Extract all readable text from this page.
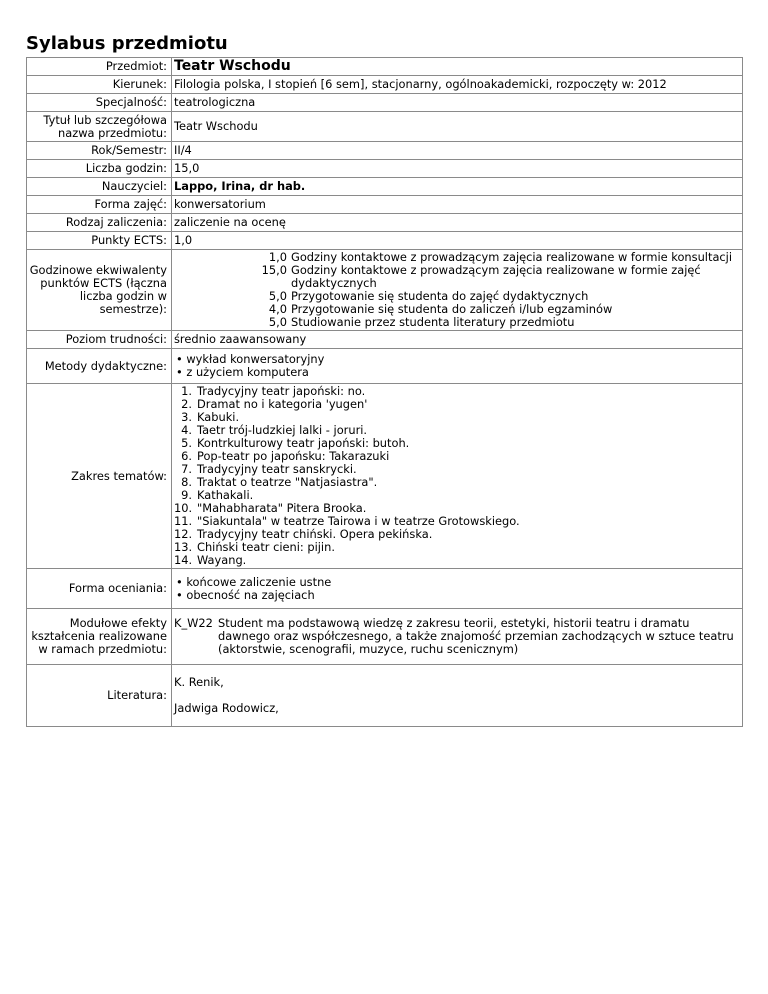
Sylabus przedmiotu
Przedmiot:	Teatr Wschodu
Kierunek:	Filologia polska, I stopień [6 sem], stacjonarny, ogólnoakademicki, rozpoczęty w: 2012
Specjalność:	teatrologiczna
Tytuł lub szczegółowa nazwa przedmiotu:	Teatr Wschodu
Rok/Semestr:	II/4
Liczba godzin:	15,0
Nauczyciel:	Lappo, Irina, dr hab.
Forma zajęć:	konwersatorium
Rodzaj zaliczenia:	zaliczenie na ocenę
Punkty ECTS:	1,0
Godzinowe ekwiwalenty punktów ECTS (łączna liczba godzin w semestrze):	
1,0	Godziny kontaktowe z prowadzącym zajęcia realizowane w formie konsultacji
15,0	Godziny kontaktowe z prowadzącym zajęcia realizowane w formie zajęć dydaktycznych
5,0	Przygotowanie się studenta do zajęć dydaktycznych
4,0	Przygotowanie się studenta do zaliczeń i/lub egzaminów
5,0	Studiowanie przez studenta literatury przedmiotu

Poziom trudności:	średnio zaawansowany
Metody dydaktyczne:	
•wykład konwersatoryjny
• z użyciem komputera

Zakres tematów:	
1. Tradycyjny teatr japoński: no.
2. Dramat no i kategoria 'yugen'
3. Kabuki.
4. Taetr trój-ludzkiej lalki - joruri.
5. Kontrkulturowy teatr japoński: butoh.
6. Pop-teatr po japońsku: Takarazuki
7. Tradycyjny teatr sanskrycki.
8. Traktat o teatrze "Natjasiastra".
9. Kathakali.
10. "Mahabharata" Pitera Brooka.
11. "Siakuntala" w teatrze Tairowa i w teatrze Grotowskiego.
12. Tradycyjny teatr chiński. Opera pekińska.
13. Chiński teatr cieni: pijin.
14. Wayang.

Forma oceniania:	
•końcowe zaliczenie ustne
• obecność na zajęciach

Modułowe efekty kształcenia realizowane w ramach przedmiotu:	
K_W22	Student ma podstawową wiedzę z zakresu teorii, estetyki, historii teatru i dramatu dawnego oraz współczesnego, a także znajomość przemian zachodzących w sztuce teatru (aktorstwie, scenografii, muzyce, ruchu scenicznym)

Literatura:	
K. Renik,
Jadwiga Rodowicz,
